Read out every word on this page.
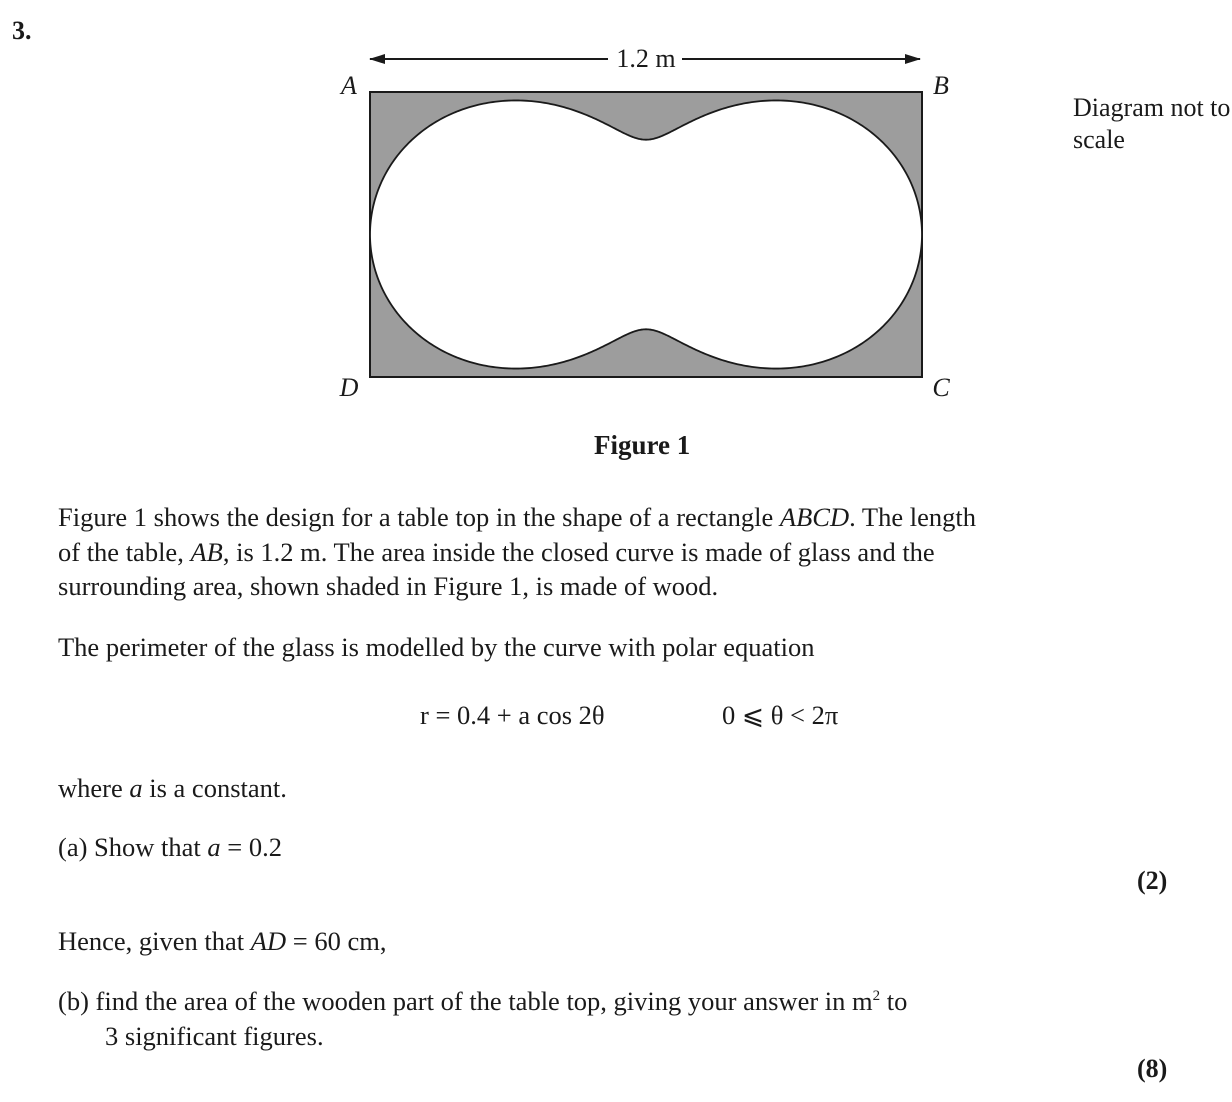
3.
1.2 m
A	B
D	C
Diagram not to scale
Figure 1
Figure 1 shows the design for a table top in the shape of a rectangle ABCD. The length
of the table, AB, is 1.2 m. The area inside the closed curve is made of glass and the
surrounding area, shown shaded in Figure 1, is made of wood.
The perimeter of the glass is modelled by the curve with polar equation
r = 0.4 + a cos 2θ	0 ⩽ θ < 2π
where a is a constant.
(a) Show that a = 0.2
(2)
Hence, given that AD = 60 cm,
(b) find the area of the wooden part of the table top, giving your answer in $m^2$ to
3 significant figures.
(8)
